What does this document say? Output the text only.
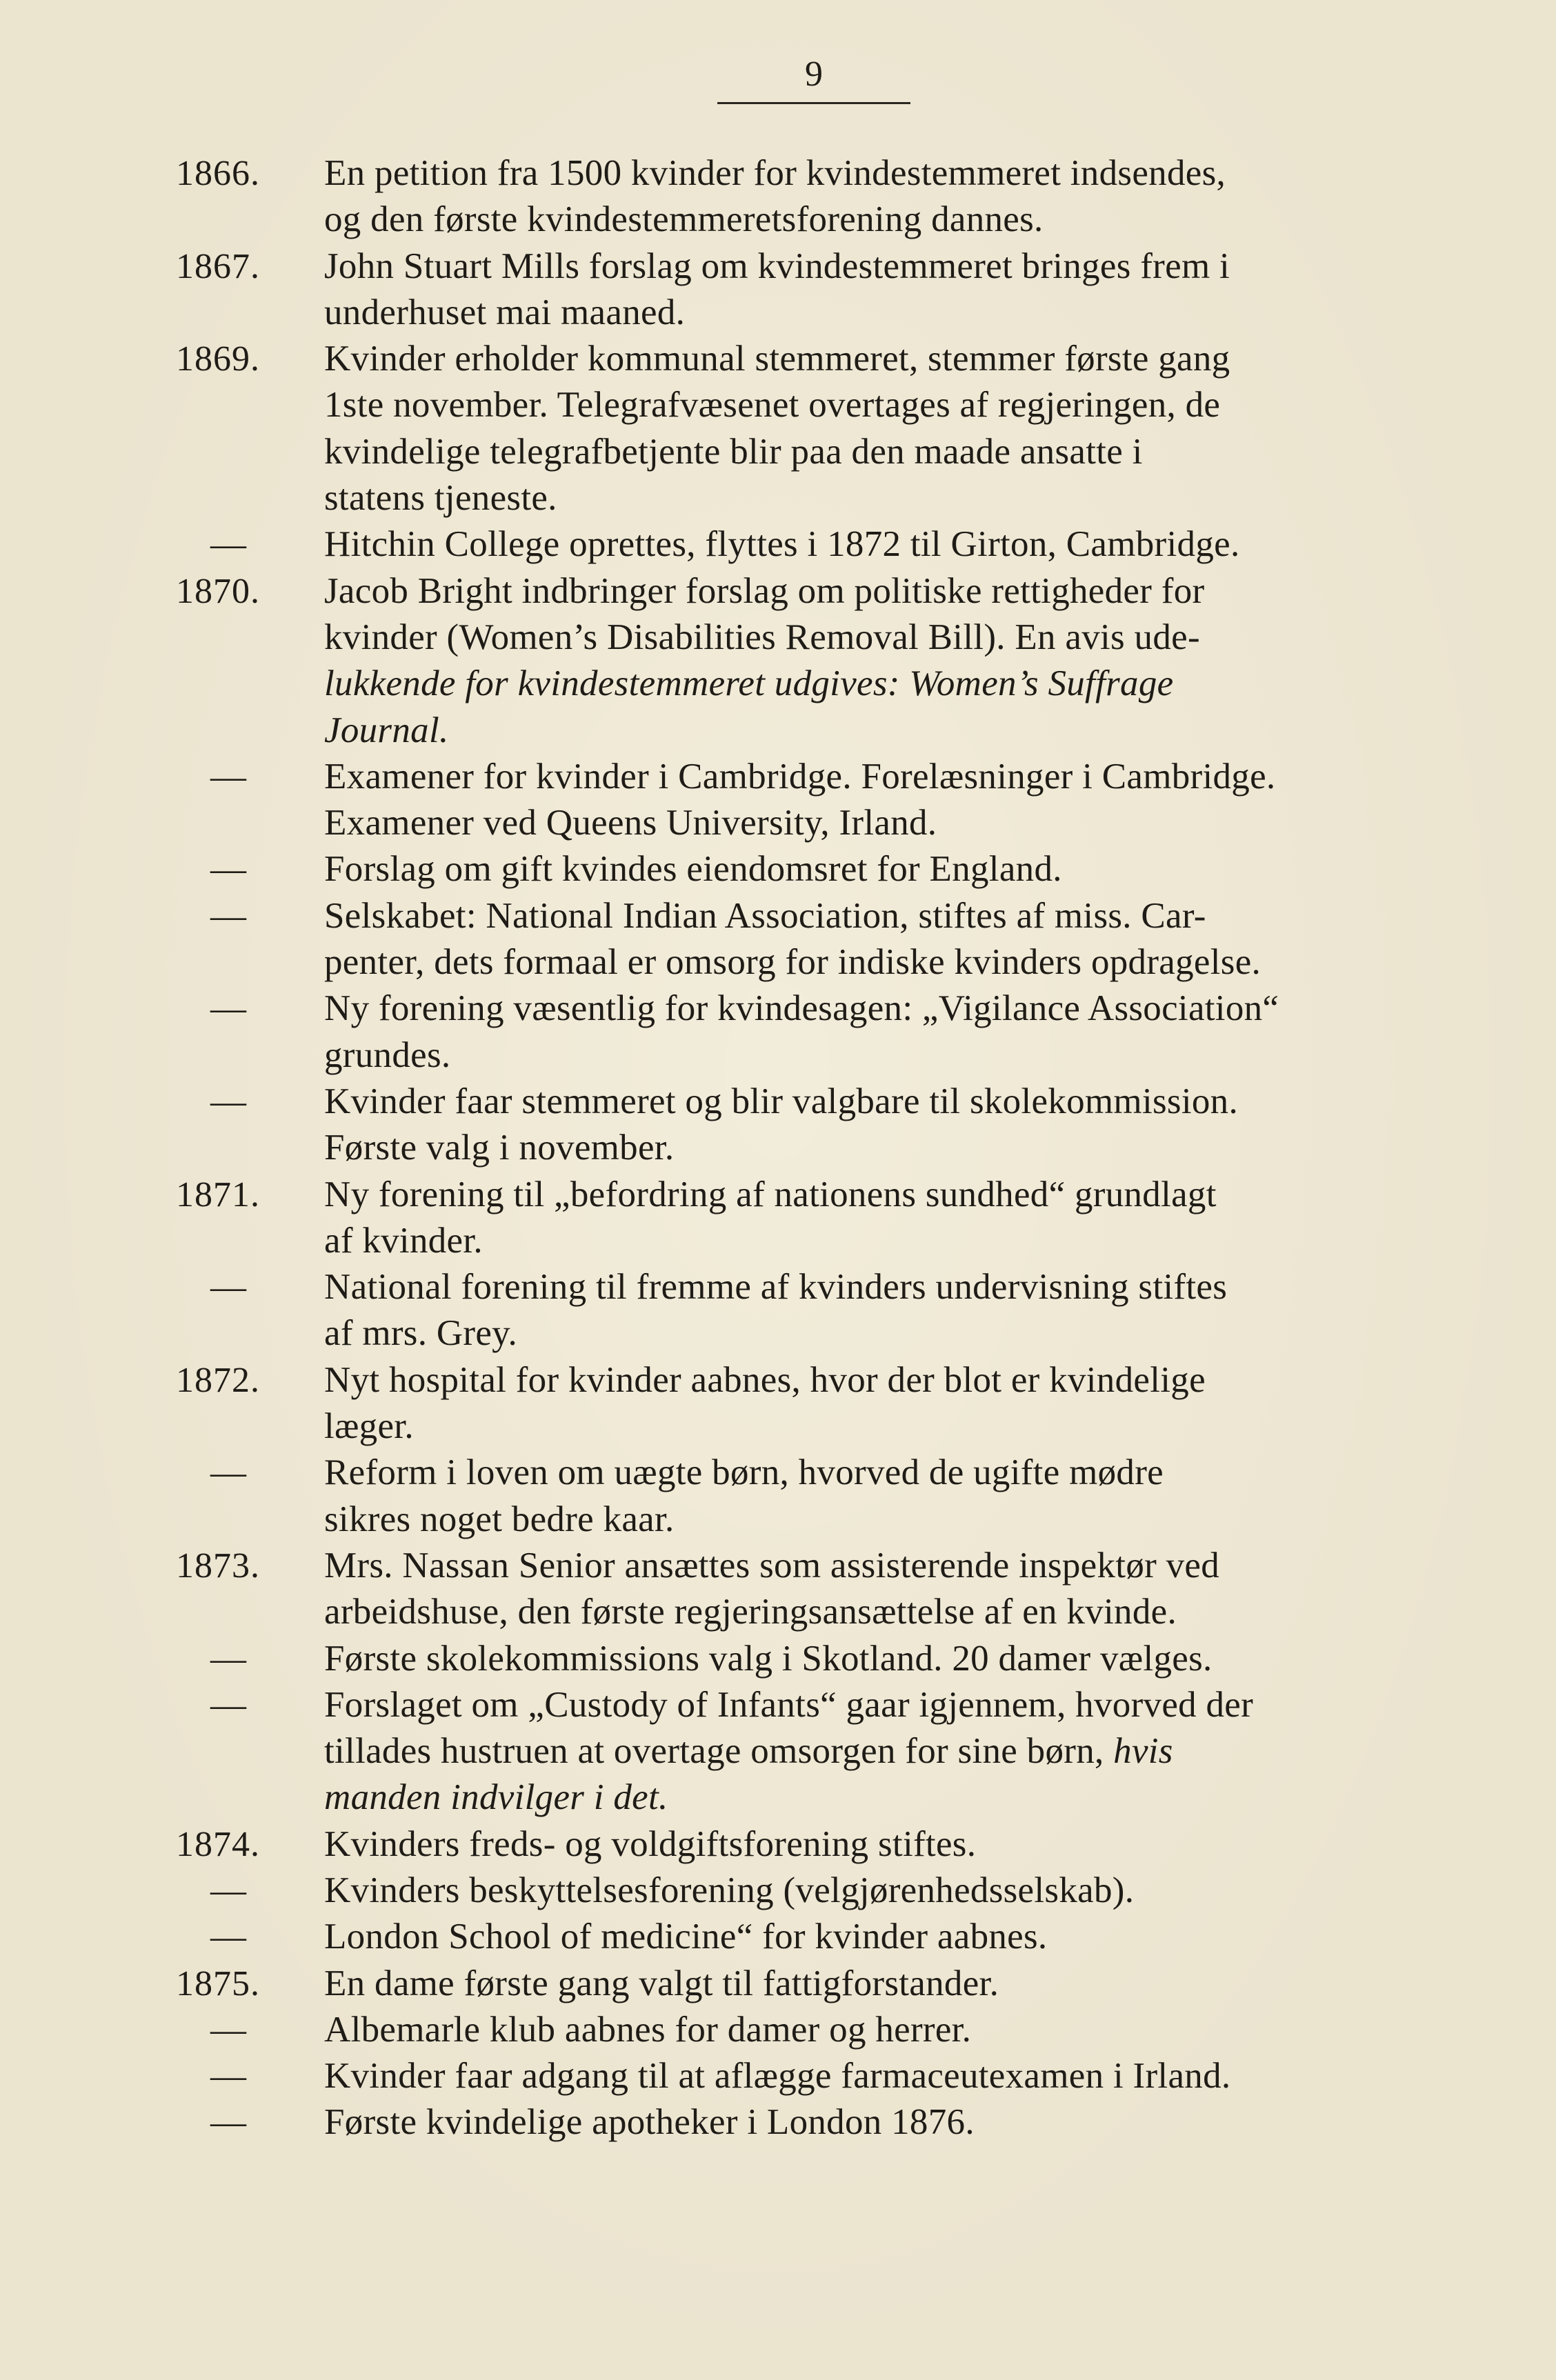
9
1866.	En petition fra 1500 kvinder for kvindestemmeret indsendes,
og den første kvindestemmeretsforening dannes.
1867.	John Stuart Mills forslag om kvindestemmeret bringes frem i
underhuset mai maaned.
1869.	Kvinder erholder kommunal stemmeret, stemmer første gang
1ste november. Telegrafvæsenet overtages af regjeringen, de
kvindelige telegrafbetjente blir paa den maade ansatte i
statens tjeneste.
—	Hitchin College oprettes, flyttes i 1872 til Girton, Cambridge.
1870.	Jacob Bright indbringer forslag om politiske rettigheder for
kvinder (Women’s Disabilities Removal Bill). En avis ude-
lukkende for kvindestemmeret udgives: Women’s Suffrage
Journal.
—	Examener for kvinder i Cambridge. Forelæsninger i Cambridge.
Examener ved Queens University, Irland.
—	Forslag om gift kvindes eiendomsret for England.
—	Selskabet: National Indian Association, stiftes af miss. Car-
penter, dets formaal er omsorg for indiske kvinders opdragelse.
—	Ny forening væsentlig for kvindesagen: „Vigilance Association“
grundes.
—	Kvinder faar stemmeret og blir valgbare til skolekommission.
Første valg i november.
1871.	Ny forening til „befordring af nationens sundhed“ grundlagt
af kvinder.
—	National forening til fremme af kvinders undervisning stiftes
af mrs. Grey.
1872.	Nyt hospital for kvinder aabnes, hvor der blot er kvindelige
læger.
—	Reform i loven om uægte børn, hvorved de ugifte mødre
sikres noget bedre kaar.
1873.	Mrs. Nassan Senior ansættes som assisterende inspektør ved
arbeidshuse, den første regjeringsansættelse af en kvinde.
—	Første skolekommissions valg i Skotland. 20 damer vælges.
—	Forslaget om „Custody of Infants“ gaar igjennem, hvorved der
tillades hustruen at overtage omsorgen for sine børn, hvis
manden indvilger i det.
1874.	Kvinders freds- og voldgiftsforening stiftes.
—	Kvinders beskyttelsesforening (velgjørenhedsselskab).
—	London School of medicine“ for kvinder aabnes.
1875.	En dame første gang valgt til fattigforstander.
—	Albemarle klub aabnes for damer og herrer.
—	Kvinder faar adgang til at aflægge farmaceutexamen i Irland.
—	Første kvindelige apotheker i London 1876.
